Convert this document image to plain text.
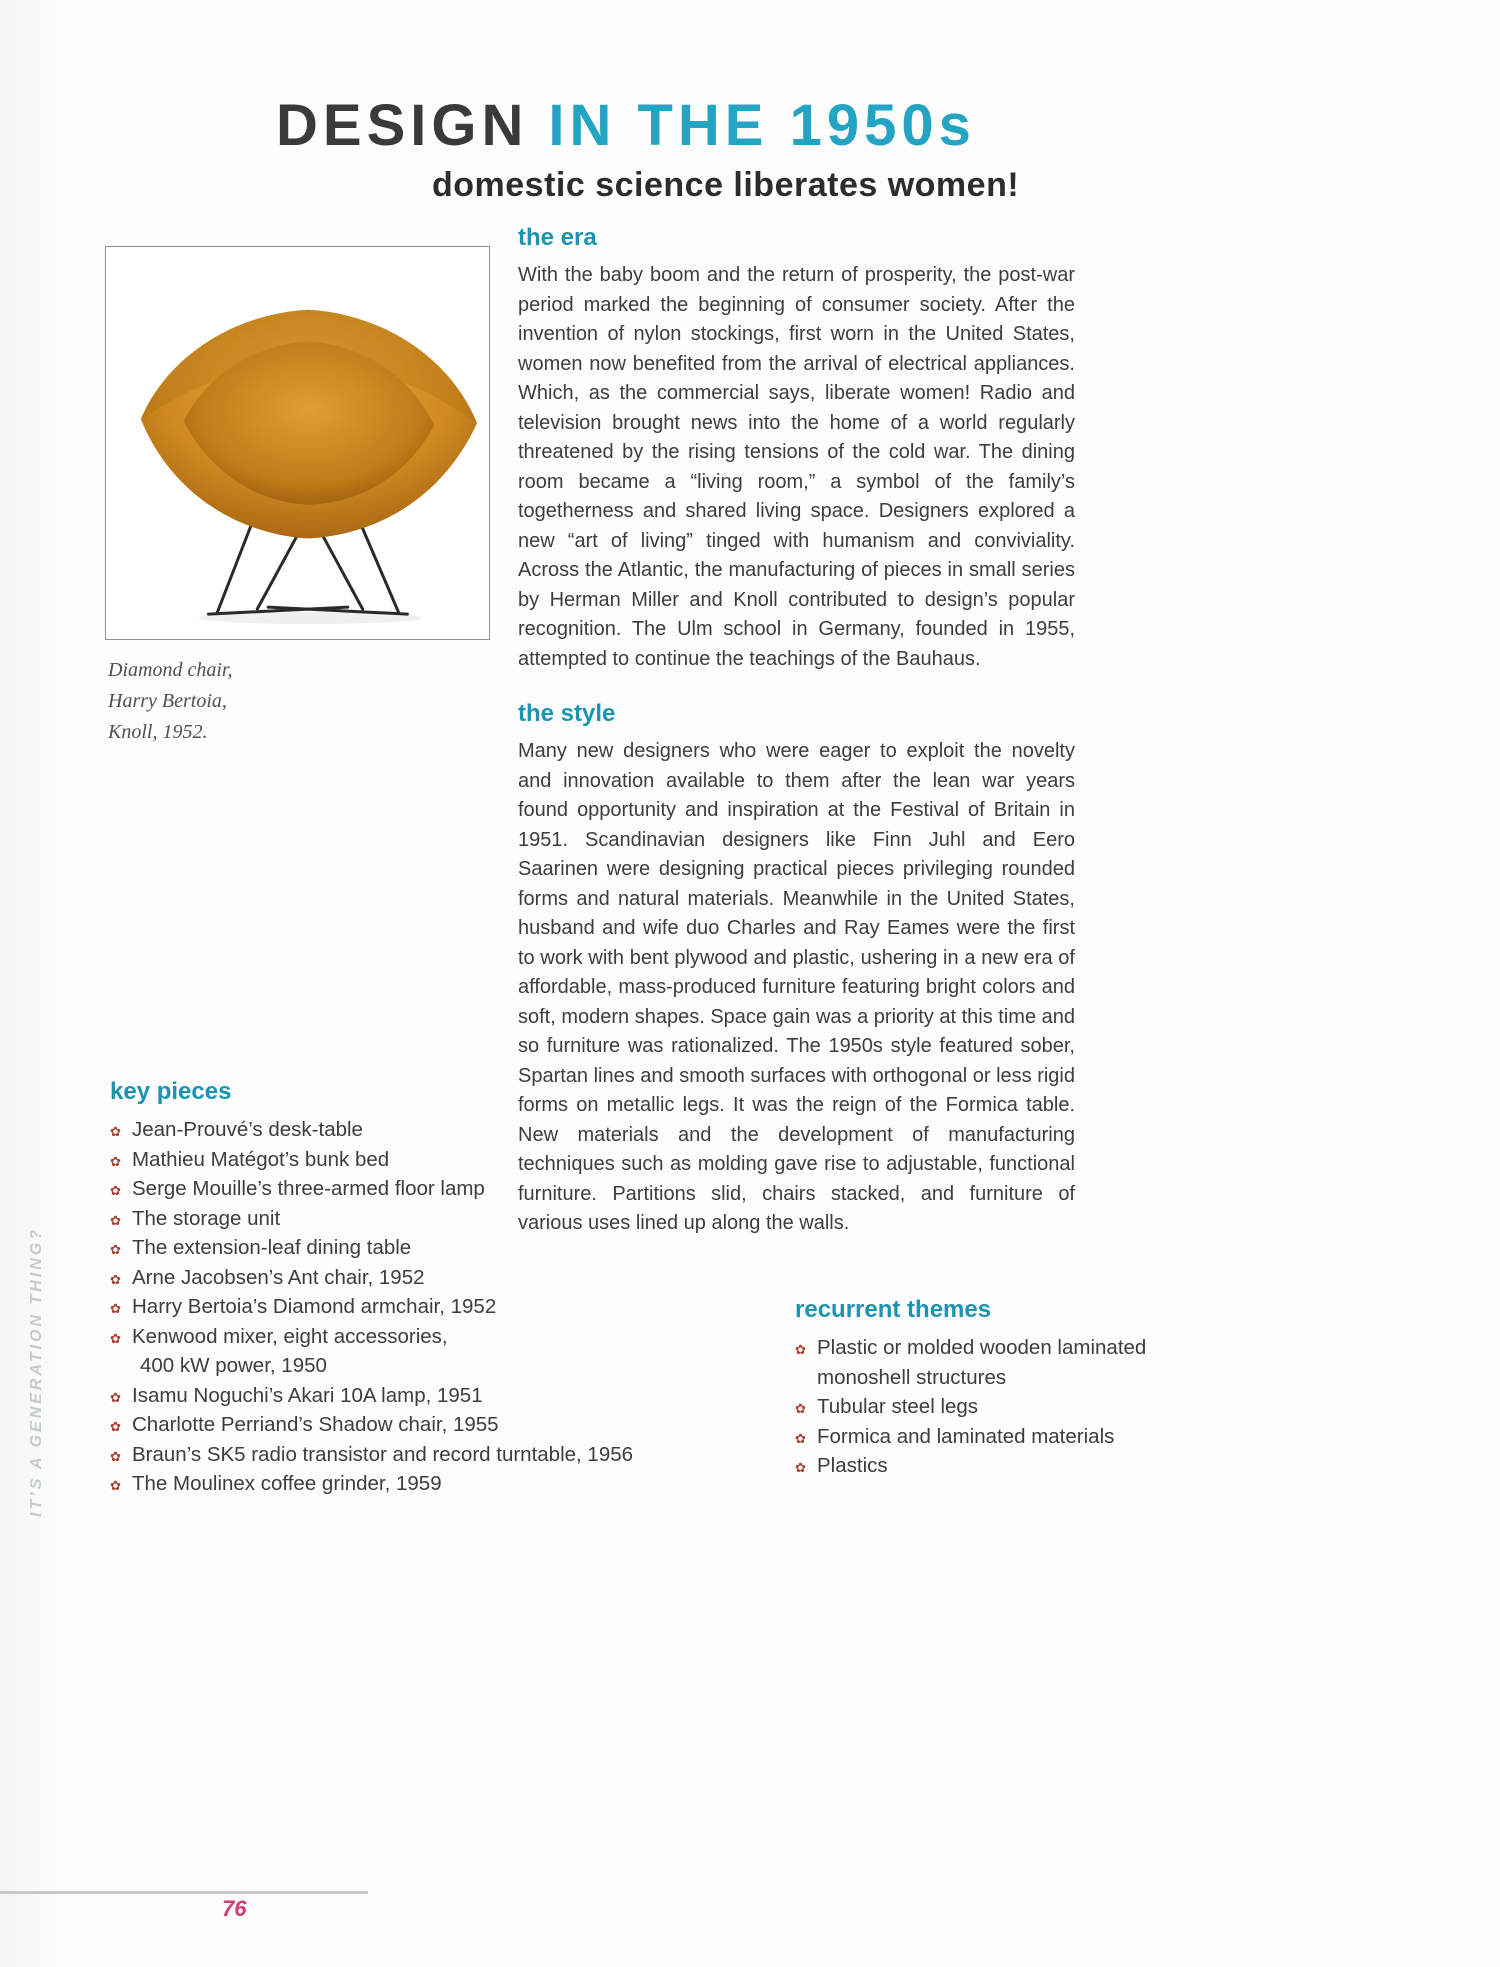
DESIGN IN THE 1950s
domestic science liberates women!
Diamond chair,
Harry Bertoia,
Knoll, 1952.
the era

With the baby boom and the return of prosperity, the post-war period marked the beginning of consumer society. After the invention of nylon stockings, first worn in the United States, women now benefited from the arrival of electrical appliances. Which, as the commercial says, liberate women! Radio and television brought news into the home of a world regularly threatened by the rising tensions of the cold war. The dining room became a “living room,” a symbol of the family’s togetherness and shared living space. Designers explored a new “art of living” tinged with humanism and conviviality. Across the Atlantic, the manufacturing of pieces in small series by Herman Miller and Knoll contributed to design’s popular recognition. The Ulm school in Germany, founded in 1955, attempted to continue the teachings of the Bauhaus.

the style

Many new designers who were eager to exploit the novelty and innovation available to them after the lean war years found opportunity and inspiration at the Festival of Britain in 1951. Scandinavian designers like Finn Juhl and Eero Saarinen were designing practical pieces privileging rounded forms and natural materials. Meanwhile in the United States, husband and wife duo Charles and Ray Eames were the first to work with bent plywood and plastic, ushering in a new era of affordable, mass-produced furniture featuring bright colors and soft, modern shapes. Space gain was a priority at this time and so furniture was rationalized. The 1950s style featured sober, Spartan lines and smooth surfaces with orthogonal or less rigid forms on metallic legs. It was the reign of the Formica table. New materials and the development of manufacturing techniques such as molding gave rise to adjustable, functional furniture. Partitions slid, chairs stacked, and furniture of various uses lined up along the walls.

key pieces
✿ Jean-Prouvé’s desk-table
✿ Mathieu Matégot’s bunk bed
✿ Serge Mouille’s three-armed floor lamp
✿ The storage unit
✿ The extension-leaf dining table
✿ Arne Jacobsen’s Ant chair, 1952
✿ Harry Bertoia’s Diamond armchair, 1952
✿ Kenwood mixer, eight accessories,
400 kW power, 1950
✿ Isamu Noguchi’s Akari 10A lamp, 1951
✿ Charlotte Perriand’s Shadow chair, 1955
✿ Braun’s SK5 radio transistor and record turntable, 1956
✿ The Moulinex coffee grinder, 1959
recurrent themes
✿ Plastic or molded wooden laminated monoshell structures
✿ Tubular steel legs
✿ Formica and laminated materials
✿ Plastics
IT’S A GENERATION THING?
76
